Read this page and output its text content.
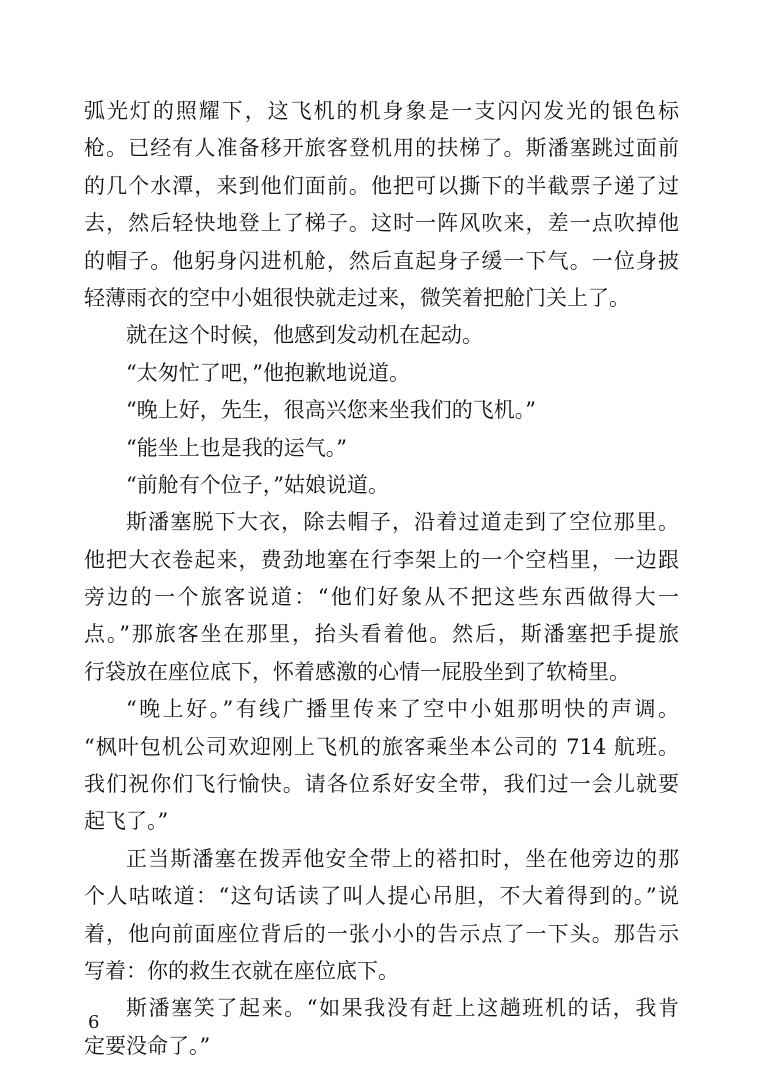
弧光灯的照耀下，这飞机的机身象是一支闪闪发光的银色标
枪。已经有人准备移开旅客登机用的扶梯了。斯潘塞跳过面前
的几个水潭，来到他们面前。他把可以撕下的半截票子递了过
去，然后轻快地登上了梯子。这时一阵风吹来，差一点吹掉他
的帽子。他躬身闪进机舱，然后直起身子缓一下气。一位身披
轻薄雨衣的空中小姐很快就走过来，微笑着把舱门关上了。
就在这个时候，他感到发动机在起动。
“太匆忙了吧，”他抱歉地说道。
“晚上好，先生，很高兴您来坐我们的飞机。”
“能坐上也是我的运气。”
“前舱有个位子，”姑娘说道。
斯潘塞脱下大衣，除去帽子，沿着过道走到了空位那里。
他把大衣卷起来，费劲地塞在行李架上的一个空档里，一边跟
旁边的一个旅客说道：“他们好象从不把这些东西做得大一
点。”那旅客坐在那里，抬头看着他。然后，斯潘塞把手提旅
行袋放在座位底下，怀着感激的心情一屁股坐到了软椅里。
“晚上好。”有线广播里传来了空中小姐那明快的声调。
“枫叶包机公司欢迎刚上飞机的旅客乘坐本公司的 714 航班。
我们祝你们飞行愉快。请各位系好安全带，我们过一会儿就要
起飞了。”
正当斯潘塞在拨弄他安全带上的褡扣时，坐在他旁边的那
个人咕哝道：“这句话读了叫人提心吊胆，不大着得到的。”说
着，他向前面座位背后的一张小小的告示点了一下头。那告示
写着：你的救生衣就在座位底下。
斯潘塞笑了起来。“如果我没有赶上这趟班机的话，我肯
定要没命了。”
6
